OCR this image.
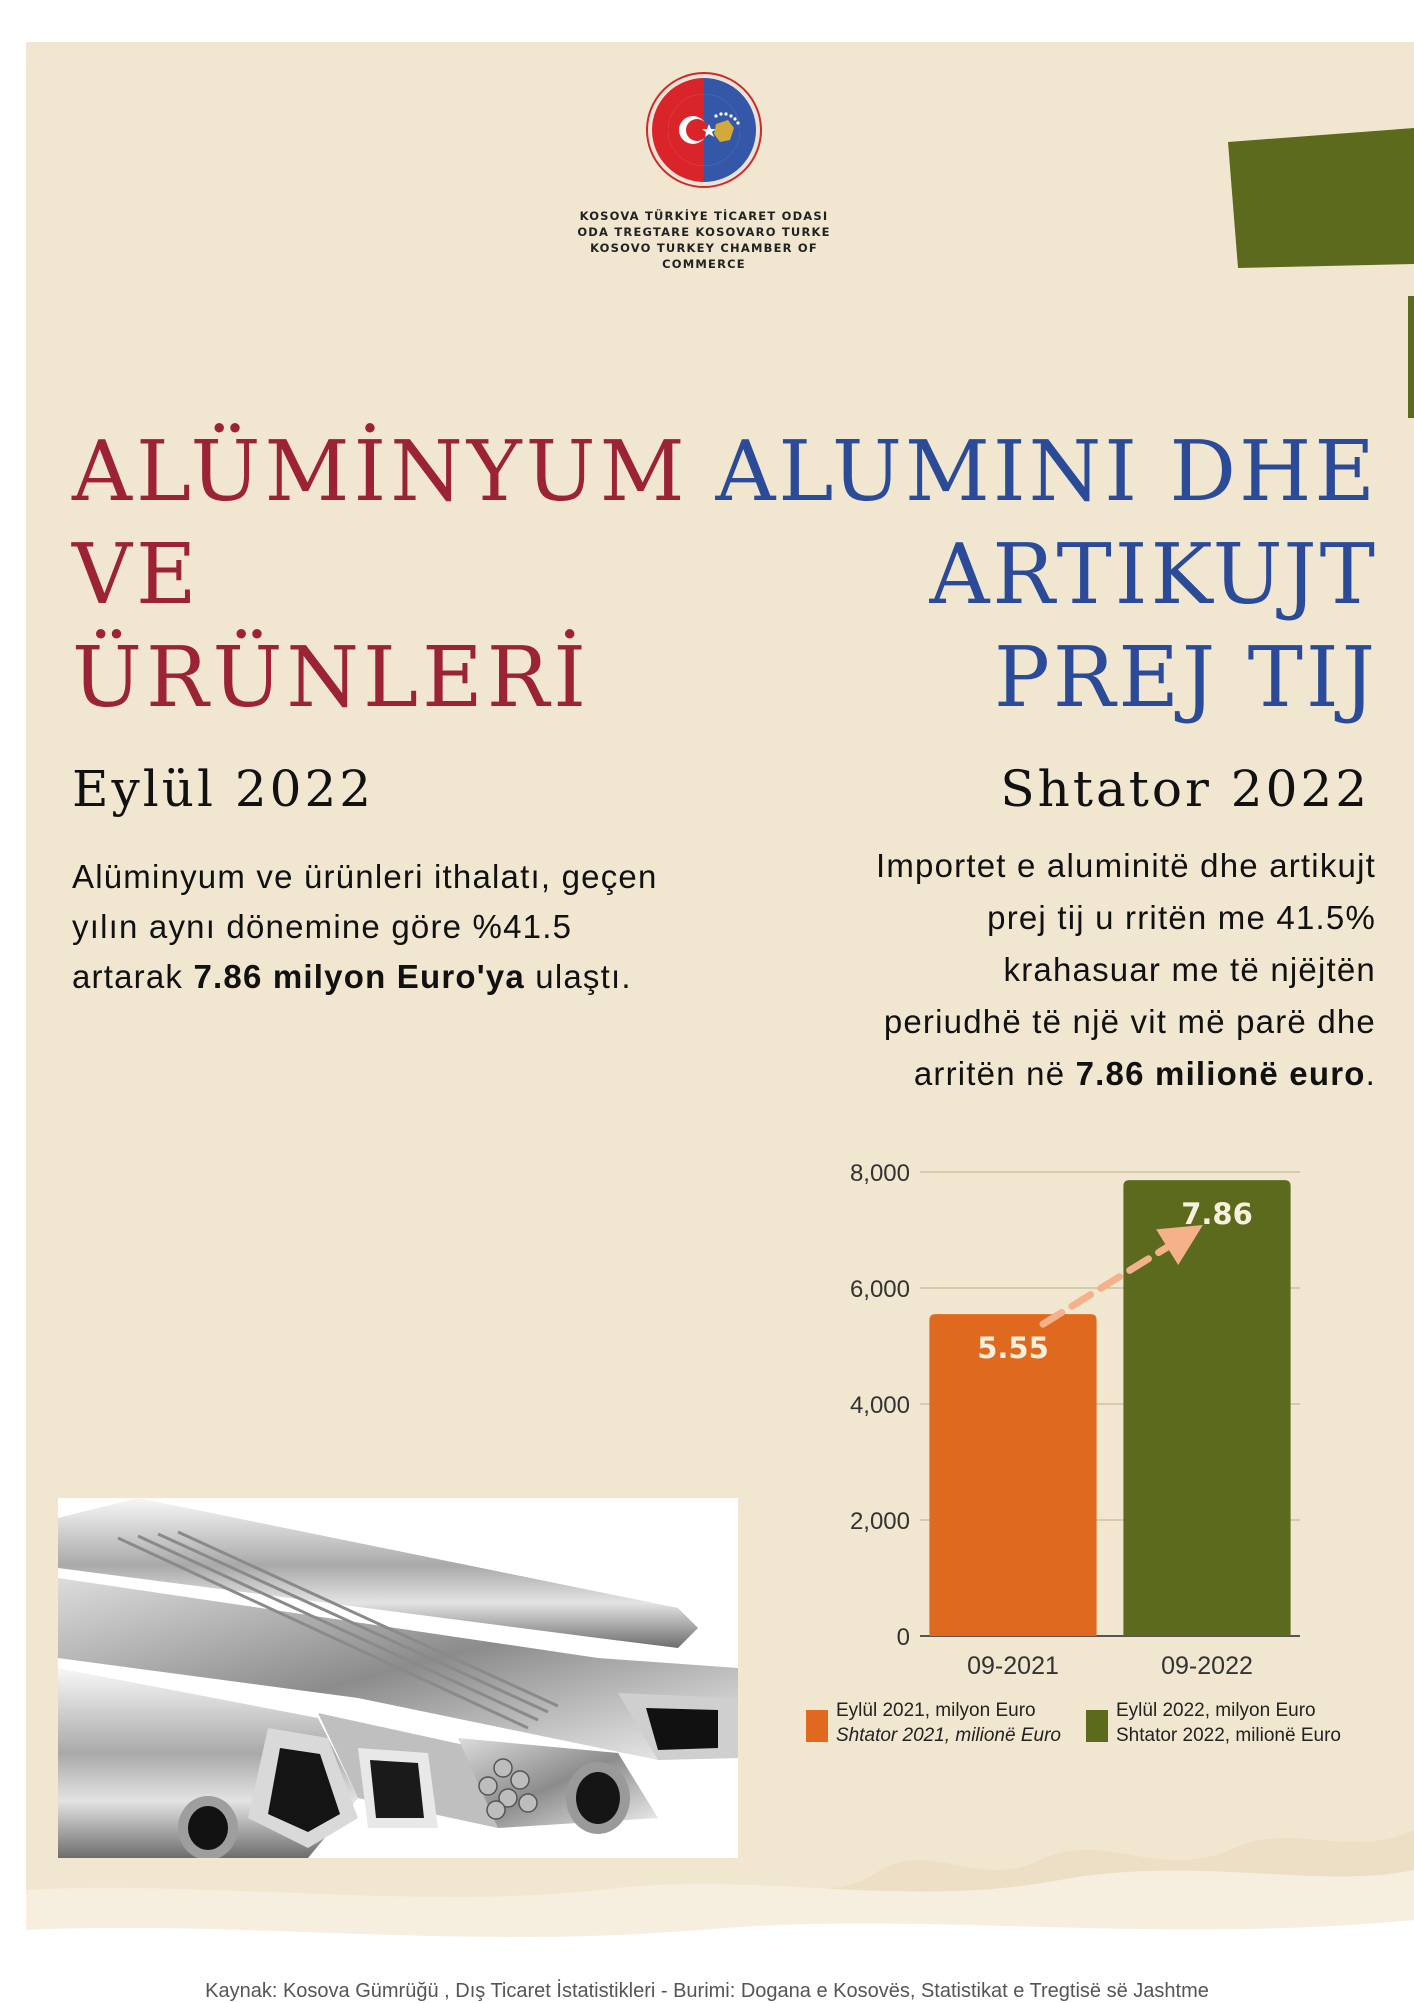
KOSOVA TÜRKİYE TİCARET ODASI
ODA TREGTARE KOSOVARO TURKE
KOSOVO TURKEY CHAMBER OF COMMERCE
ALÜMİNYUM
VE
ÜRÜNLERİ
ALUMINI DHE
ARTIKUJT
PREJ TIJ
Eylül 2022	Shtator 2022
Alüminyum ve ürünleri ithalatı, geçen
yılın aynı dönemine göre %41.5
artarak 7.86 milyon Euro'ya ulaştı.
Importet e aluminitë dhe artikujt
prej tij u rritën me 41.5%
krahasuar me të njëjtën
periudhë të një vit më parë dhe
arritën në 7.86 milionë euro.
0
2,000
4,000
6,000
8,000
5.55
09-2021
7.86
09-2022
Eylül 2021, milyon Euro
Shtator 2021, milionë Euro
Eylül 2022, milyon Euro
Shtator 2022, milionë Euro
Kaynak: Kosova Gümrüğü , Dış Ticaret İstatistikleri - Burimi: Dogana e Kosovës, Statistikat e Tregtisë së Jashtme
